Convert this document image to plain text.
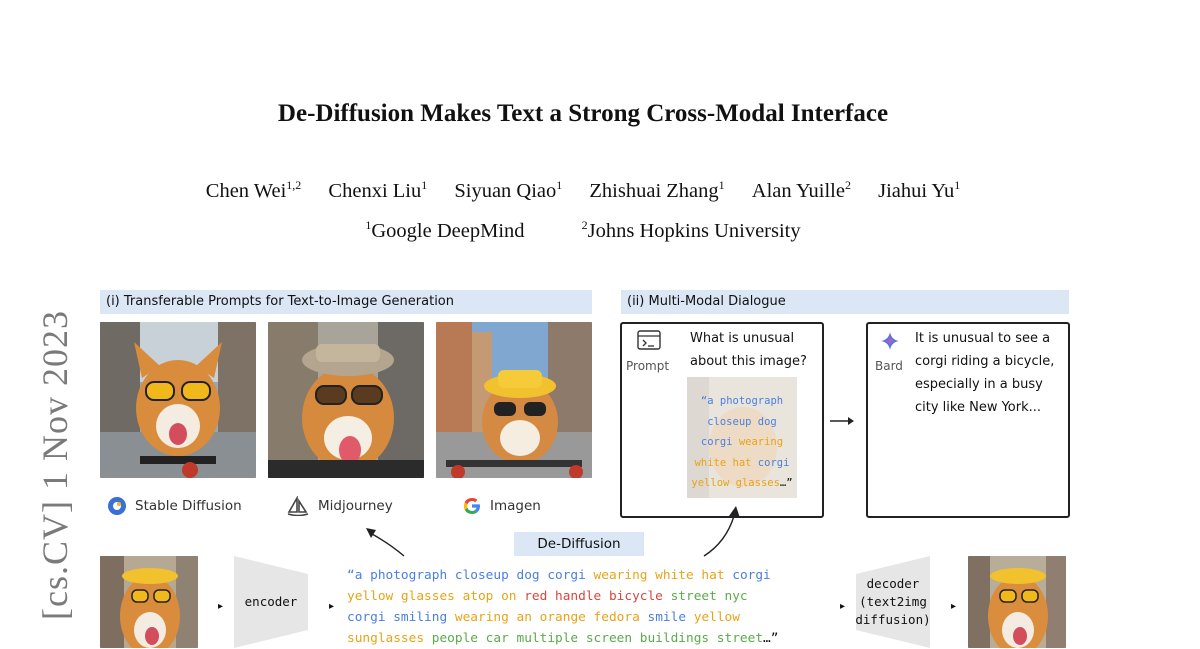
De-Diffusion Makes Text a Strong Cross-Modal Interface
Chen Wei$^{1,2}$ Chenxi Liu$^1$ Siyuan Qiao$^1$ Zhishuai Zhang$^1$ Alan Yuille$^2$ Jiahui Yu$^1$
$^1$Google DeepMind	$^2$Johns Hopkins University
[cs.CV] 1 Nov 2023
(i) Transferable Prompts for Text-to-Image Generation	(ii) Multi-Modal Dialogue
Stable Diffusion	Midjourney	Imagen
Prompt
What is unusual
about this image?
“a photograph
closeup dog
corgi wearing
white hat corgi
yellow glasses…”
Bard
It is unusual to see a
corgi riding a bicycle,
especially in a busy
city like New York...
De-Diffusion
▸	encoder	▸
“a photograph closeup dog corgi wearing white hat corgi
yellow glasses atop on red handle bicycle street nyc
corgi smiling wearing an orange fedora smile yellow
sunglasses people car multiple screen buildings street…”
▸
decoder
(text2img
diffusion)
▸
